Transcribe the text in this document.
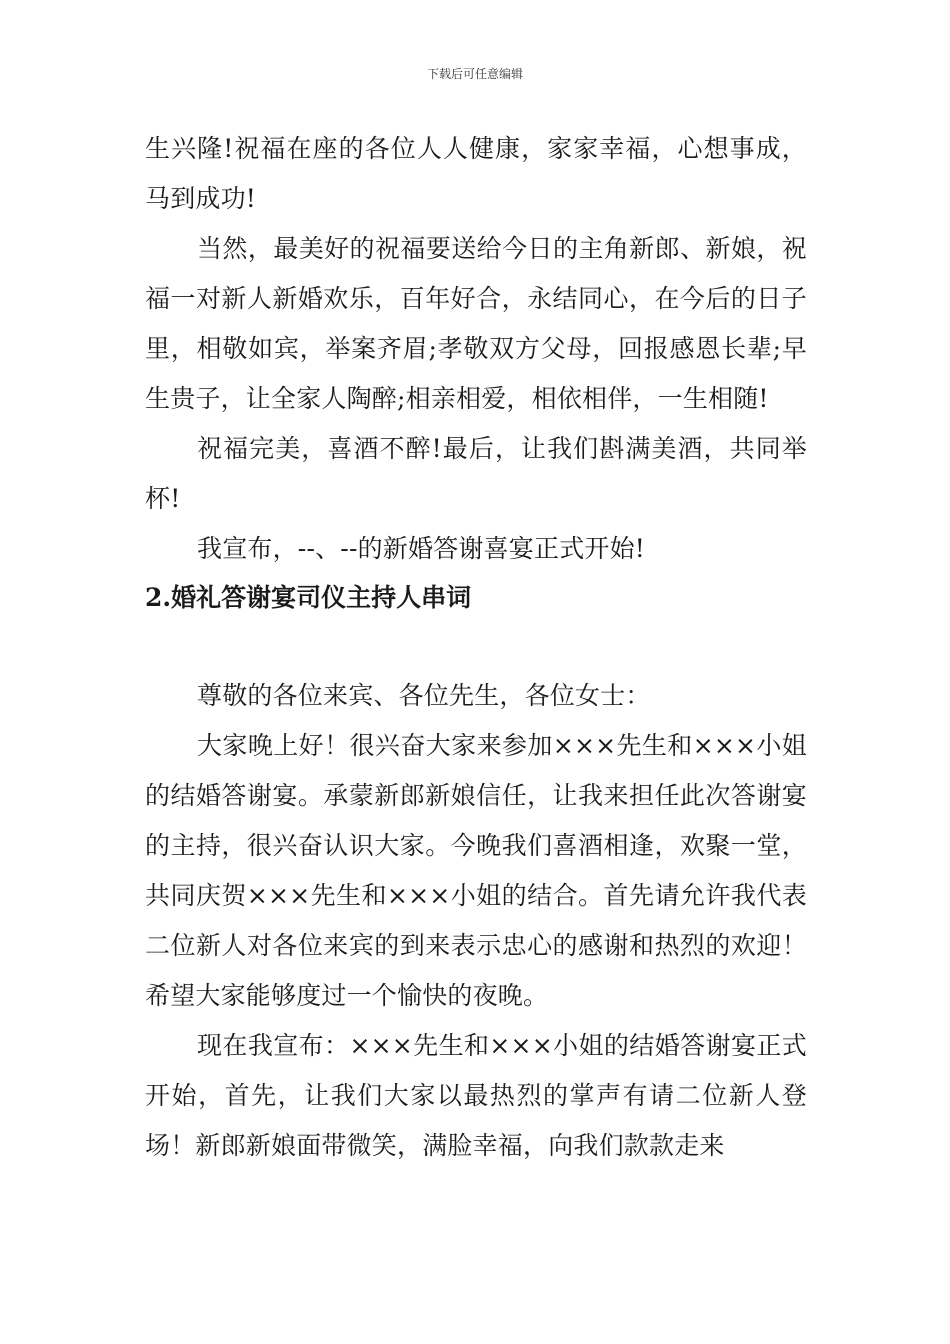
下载后可任意编辑

生兴隆!祝福在座的各位人人健康，家家幸福，心想事成，马到成功!

当然，最美好的祝福要送给今日的主角新郎、新娘，祝福一对新人新婚欢乐，百年好合，永结同心，在今后的日子里，相敬如宾，举案齐眉;孝敬双方父母，回报感恩长辈;早生贵子，让全家人陶醉;相亲相爱，相依相伴，一生相随!

祝福完美，喜酒不醉!最后，让我们斟满美酒，共同举杯!

我宣布，--、--的新婚答谢喜宴正式开始!

2.婚礼答谢宴司仪主持人串词

尊敬的各位来宾、各位先生，各位女士：

大家晚上好！很兴奋大家来参加×××先生和×××小姐的结婚答谢宴。承蒙新郎新娘信任，让我来担任此次答谢宴的主持，很兴奋认识大家。今晚我们喜酒相逢，欢聚一堂，共同庆贺×××先生和×××小姐的结合。首先请允许我代表二位新人对各位来宾的到来表示忠心的感谢和热烈的欢迎！希望大家能够度过一个愉快的夜晚。

现在我宣布：×××先生和×××小姐的结婚答谢宴正式开始，首先，让我们大家以最热烈的掌声有请二位新人登场！新郎新娘面带微笑，满脸幸福，向我们款款走来
